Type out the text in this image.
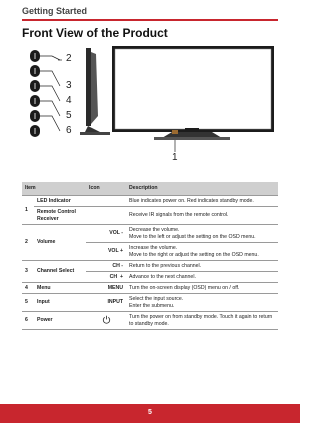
Getting Started
Front View of the Product
2
3
4
5
6
1
Item		Icon	Description
1	LED Indicator		Blue indicates power on. Red indicates standby mode.
	Remote Control Receiver		Receive IR signals from the remote control.
2	Volume	VOL -	Decrease the volume.
Move to the left or adjust the setting on the OSD menu.

		VOL +	Increase the volume.
Move to the right or adjust the setting on the OSD menu.

3	Channel Select	CH -	Return to the previous channel.
		CH  +	Advance to the next channel.
4	Menu	MENU	Turn the on-screen display (OSD) menu on / off.
5	Input	INPUT	Select the input source.
Enter the submenu.

6	Power		Turn the power on from standby mode. Touch it again to return to standby mode.
5
